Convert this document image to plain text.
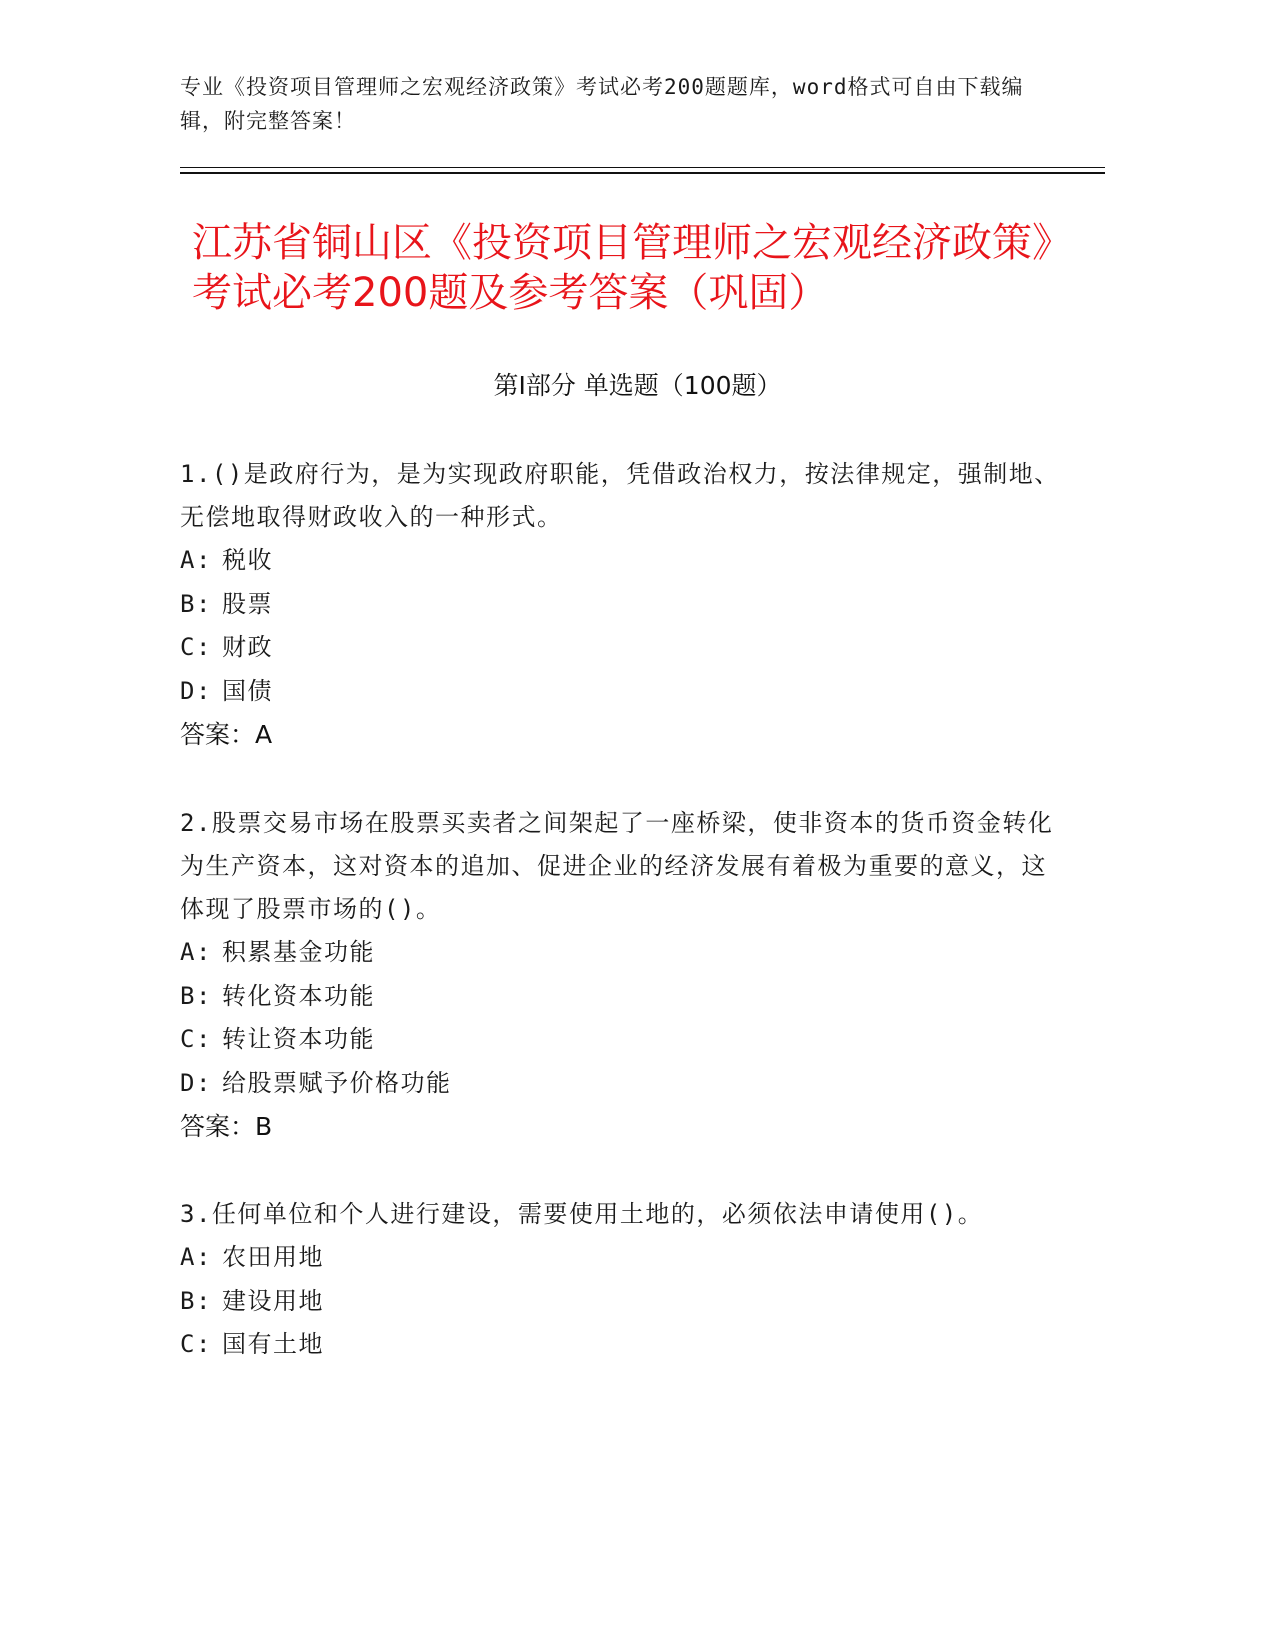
专业《投资项目管理师之宏观经济政策》考试必考200题题库，word格式可自由下载编辑，附完整答案！
江苏省铜山区《投资项目管理师之宏观经济政策》考试必考200题及参考答案（巩固）
第I部分 单选题（100题）

1.()是政府行为，是为实现政府职能，凭借政治权力，按法律规定，强制地、无偿地取得财政收入的一种形式。

A: 税收
B: 股票
C: 财政
D: 国债
答案：A

2.股票交易市场在股票买卖者之间架起了一座桥梁，使非资本的货币资金转化为生产资本，这对资本的追加、促进企业的经济发展有着极为重要的意义，这体现了股票市场的()。

A: 积累基金功能
B: 转化资本功能
C: 转让资本功能
D: 给股票赋予价格功能
答案：B

3.任何单位和个人进行建设，需要使用土地的，必须依法申请使用()。

A: 农田用地
B: 建设用地
C: 国有土地
